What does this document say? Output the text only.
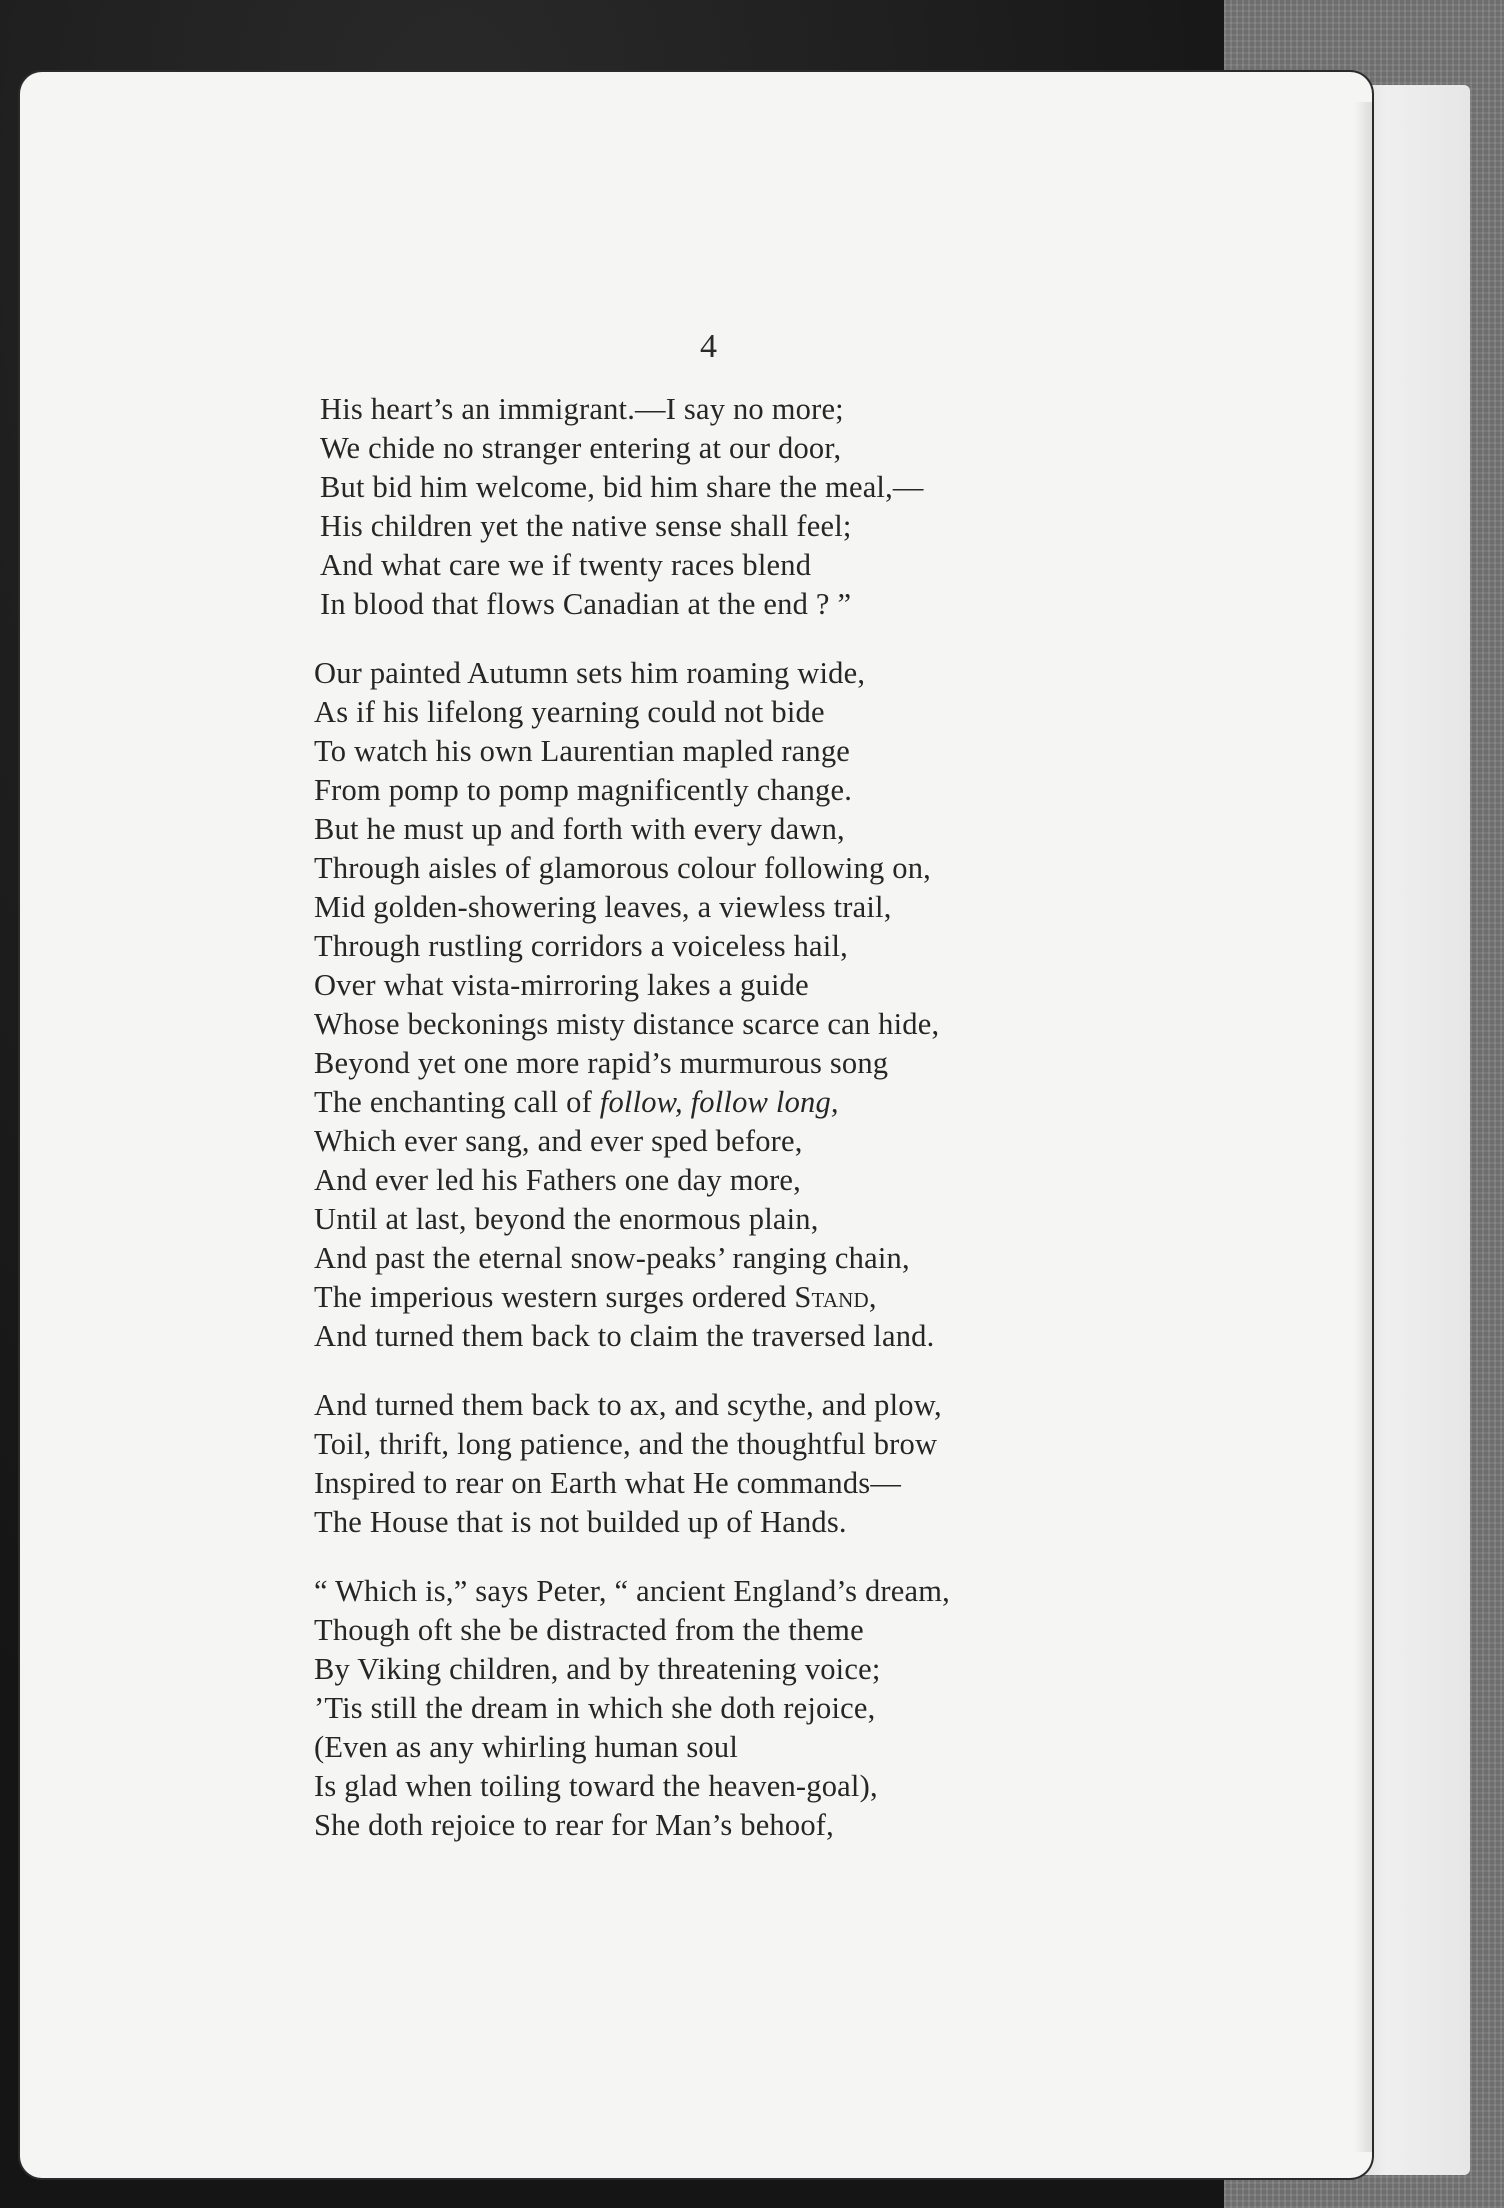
4
His heart’s an immigrant.—I say no more;
We chide no stranger entering at our door,
But bid him welcome, bid him share the meal,—
His children yet the native sense shall feel;
And what care we if twenty races blend
In blood that flows Canadian at the end ? ”
Our painted Autumn sets him roaming wide,
As if his lifelong yearning could not bide
To watch his own Laurentian mapled range
From pomp to pomp magnificently change.
But he must up and forth with every dawn,
Through aisles of glamorous colour following on,
Mid golden-showering leaves, a viewless trail,
Through rustling corridors a voiceless hail,
Over what vista-mirroring lakes a guide
Whose beckonings misty distance scarce can hide,
Beyond yet one more rapid’s murmurous song
The enchanting call of follow, follow long,
Which ever sang, and ever sped before,
And ever led his Fathers one day more,
Until at last, beyond the enormous plain,
And past the eternal snow-peaks’ ranging chain,
The imperious western surges ordered Stand,
And turned them back to claim the traversed land.
And turned them back to ax, and scythe, and plow,
Toil, thrift, long patience, and the thoughtful brow
Inspired to rear on Earth what He commands—
The House that is not builded up of Hands.
“ Which is,” says Peter, “ ancient England’s dream,
Though oft she be distracted from the theme
By Viking children, and by threatening voice;
’Tis still the dream in which she doth rejoice,
(Even as any whirling human soul
Is glad when toiling toward the heaven-goal),
She doth rejoice to rear for Man’s behoof,
